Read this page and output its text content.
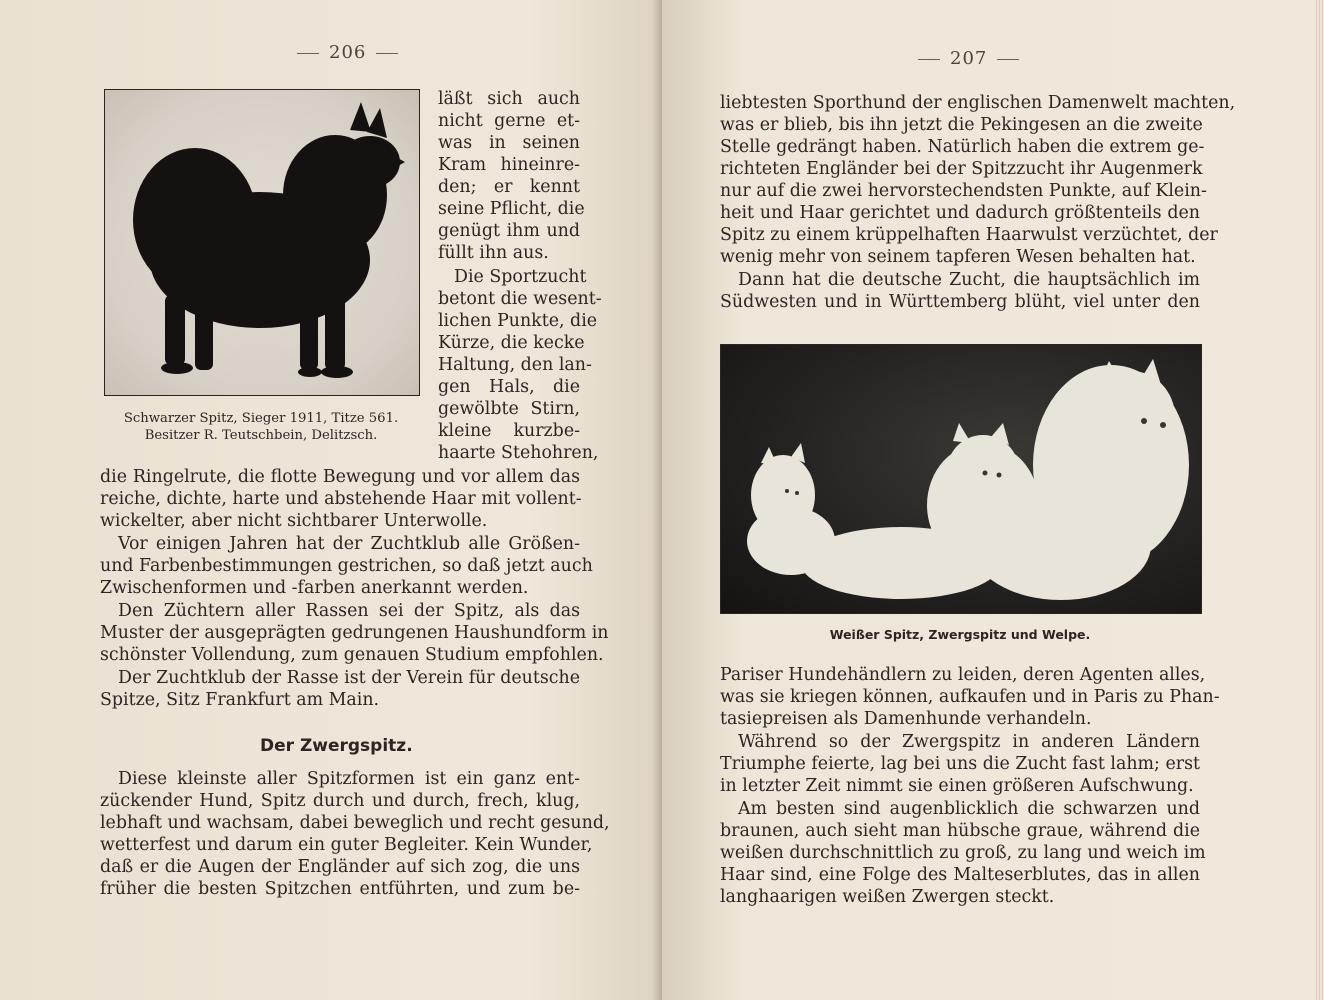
206
Schwarzer Spitz, Sieger 1911, Titze 561.
Besitzer R. Teutschbein, Delitzsch.
läßt sich auch
nicht gerne et-
was in seinen
Kram hineinre-
den; er kennt
seine Pflicht, die
genügt ihm und
füllt ihn aus.
Die Sportzucht
betont die wesent-
lichen Punkte, die
Kürze, die kecke
Haltung, den lan-
gen Hals, die
gewölbte Stirn,
kleine kurzbe-
haarte Stehohren,
die Ringelrute, die flotte Bewegung und vor allem das
reiche, dichte, harte und abstehende Haar mit vollent-
wickelter, aber nicht sichtbarer Unterwolle.
Vor einigen Jahren hat der Zuchtklub alle Größen-
und Farbenbestimmungen gestrichen, so daß jetzt auch
Zwischenformen und -farben anerkannt werden.
Den Züchtern aller Rassen sei der Spitz, als das
Muster der ausgeprägten gedrungenen Haushundform in
schönster Vollendung, zum genauen Studium empfohlen.
Der Zuchtklub der Rasse ist der Verein für deutsche
Spitze, Sitz Frankfurt am Main.
Der Zwergspitz.
Diese kleinste aller Spitzformen ist ein ganz ent-
zückender Hund, Spitz durch und durch, frech, klug,
lebhaft und wachsam, dabei beweglich und recht gesund,
wetterfest und darum ein guter Begleiter. Kein Wunder,
daß er die Augen der Engländer auf sich zog, die uns
früher die besten Spitzchen entführten, und zum be-
207
liebtesten Sporthund der englischen Damenwelt machten,
was er blieb, bis ihn jetzt die Pekingesen an die zweite
Stelle gedrängt haben. Natürlich haben die extrem ge-
richteten Engländer bei der Spitzzucht ihr Augenmerk
nur auf die zwei hervorstechendsten Punkte, auf Klein-
heit und Haar gerichtet und dadurch größtenteils den
Spitz zu einem krüppelhaften Haarwulst verzüchtet, der
wenig mehr von seinem tapferen Wesen behalten hat.
Dann hat die deutsche Zucht, die hauptsächlich im
Südwesten und in Württemberg blüht, viel unter den
Weißer Spitz, Zwergspitz und Welpe.
Pariser Hundehändlern zu leiden, deren Agenten alles,
was sie kriegen können, aufkaufen und in Paris zu Phan-
tasiepreisen als Damenhunde verhandeln.
Während so der Zwergspitz in anderen Ländern
Triumphe feierte, lag bei uns die Zucht fast lahm; erst
in letzter Zeit nimmt sie einen größeren Aufschwung.
Am besten sind augenblicklich die schwarzen und
braunen, auch sieht man hübsche graue, während die
weißen durchschnittlich zu groß, zu lang und weich im
Haar sind, eine Folge des Malteserblutes, das in allen
langhaarigen weißen Zwergen steckt.
